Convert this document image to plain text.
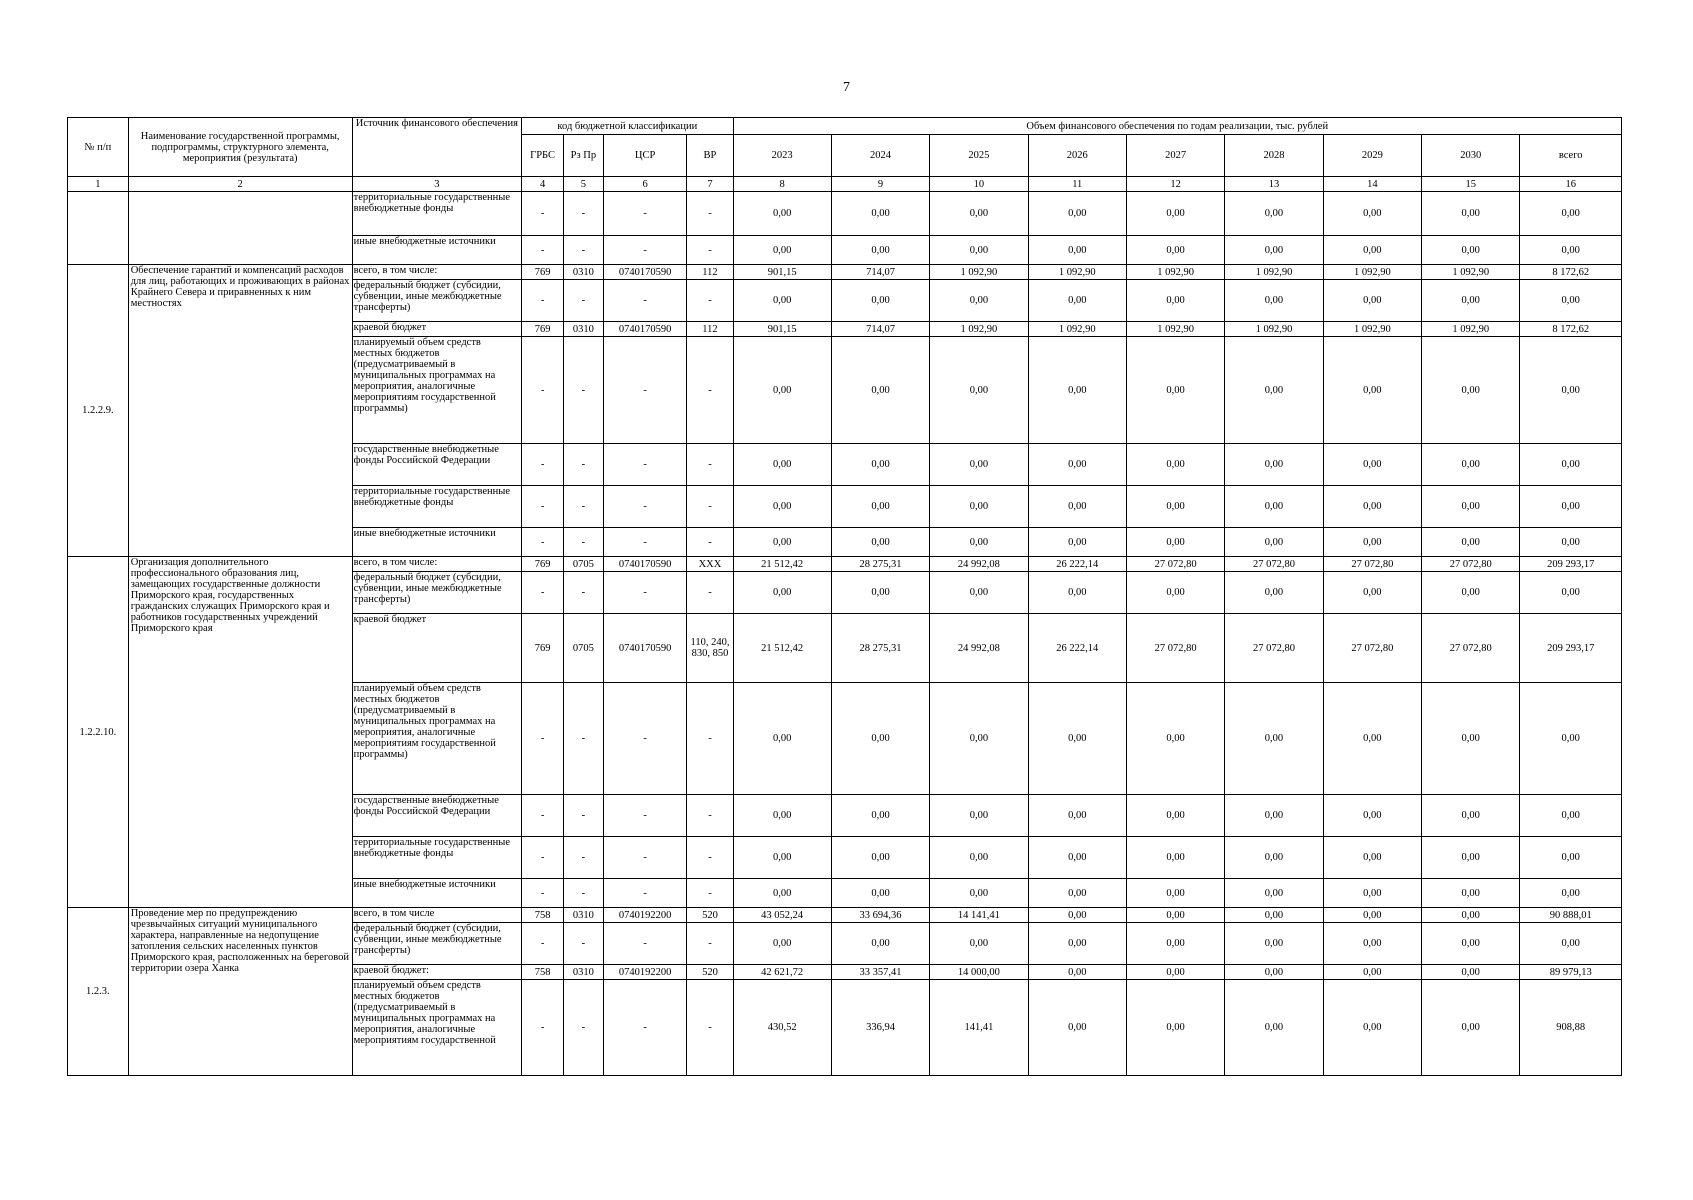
7
№ п/п	Наименование государственной программы, подпрограммы, структурного элемента, мероприятия (результата)	Источник финансового обеспечения	код бюджетной классификации				Объем финансового обеспечения по годам реализации, тыс. рублей								
			ГРБС	Рз Пр	ЦСР	ВР	2023	2024	2025	2026	2027	2028	2029	2030	всего
1	2	3	4	5	6	7	8	9	10	11	12	13	14	15	16
		территориальные государственные внебюджетные фонды	-	-	-	-	0,00	0,00	0,00	0,00	0,00	0,00	0,00	0,00	0,00
		иные внебюджетные источники	-	-	-	-	0,00	0,00	0,00	0,00	0,00	0,00	0,00	0,00	0,00
1.2.2.9.	Обеспечение гарантий и компенсаций расходов для лиц, работающих и проживающих в районах Крайнего Севера и приравненных к ним местностях	всего, в том числе:	769	0310	0740170590	112	901,15	714,07	1 092,90	1 092,90	1 092,90	1 092,90	1 092,90	1 092,90	8 172,62
		федеральный бюджет (субсидии, субвенции, иные межбюджетные трансферты)	-	-	-	-	0,00	0,00	0,00	0,00	0,00	0,00	0,00	0,00	0,00
		краевой бюджет	769	0310	0740170590	112	901,15	714,07	1 092,90	1 092,90	1 092,90	1 092,90	1 092,90	1 092,90	8 172,62
		планируемый объем средств местных бюджетов (предусматриваемый в муниципальных программах на мероприятия, аналогичные мероприятиям государственной программы)	-	-	-	-	0,00	0,00	0,00	0,00	0,00	0,00	0,00	0,00	0,00
		государственные внебюджетные фонды Российской Федерации	-	-	-	-	0,00	0,00	0,00	0,00	0,00	0,00	0,00	0,00	0,00
		территориальные государственные внебюджетные фонды	-	-	-	-	0,00	0,00	0,00	0,00	0,00	0,00	0,00	0,00	0,00
		иные внебюджетные источники	-	-	-	-	0,00	0,00	0,00	0,00	0,00	0,00	0,00	0,00	0,00
1.2.2.10.	Организация дополнительного профессионального образования лиц, замещающих государственные должности Приморского края, государственных гражданских служащих Приморского края и работников государственных учреждений Приморского края	всего, в том числе:	769	0705	0740170590	XXX	21 512,42	28 275,31	24 992,08	26 222,14	27 072,80	27 072,80	27 072,80	27 072,80	209 293,17
		федеральный бюджет (субсидии, субвенции, иные межбюджетные трансферты)	-	-	-	-	0,00	0,00	0,00	0,00	0,00	0,00	0,00	0,00	0,00
		краевой бюджет	769	0705	0740170590	110, 240, 830, 850	21 512,42	28 275,31	24 992,08	26 222,14	27 072,80	27 072,80	27 072,80	27 072,80	209 293,17
		планируемый объем средств местных бюджетов (предусматриваемый в муниципальных программах на мероприятия, аналогичные мероприятиям государственной программы)	-	-	-	-	0,00	0,00	0,00	0,00	0,00	0,00	0,00	0,00	0,00
		государственные внебюджетные фонды Российской Федерации	-	-	-	-	0,00	0,00	0,00	0,00	0,00	0,00	0,00	0,00	0,00
		территориальные государственные внебюджетные фонды	-	-	-	-	0,00	0,00	0,00	0,00	0,00	0,00	0,00	0,00	0,00
		иные внебюджетные источники	-	-	-	-	0,00	0,00	0,00	0,00	0,00	0,00	0,00	0,00	0,00
1.2.3.	Проведение мер по предупреждению чрезвычайных ситуаций муниципального характера, направленные на недопущение затопления сельских населенных пунктов Приморского края, расположенных на береговой территории озера Ханка	всего, в том числе	758	0310	0740192200	520	43 052,24	33 694,36	14 141,41	0,00	0,00	0,00	0,00	0,00	90 888,01
		федеральный бюджет (субсидии, субвенции, иные межбюджетные трансферты)	-	-	-	-	0,00	0,00	0,00	0,00	0,00	0,00	0,00	0,00	0,00
		краевой бюджет:	758	0310	0740192200	520	42 621,72	33 357,41	14 000,00	0,00	0,00	0,00	0,00	0,00	89 979,13
		планируемый объем средств местных бюджетов (предусматриваемый в муниципальных программах на мероприятия, аналогичные мероприятиям государственной	-	-	-	-	430,52	336,94	141,41	0,00	0,00	0,00	0,00	0,00	908,88
